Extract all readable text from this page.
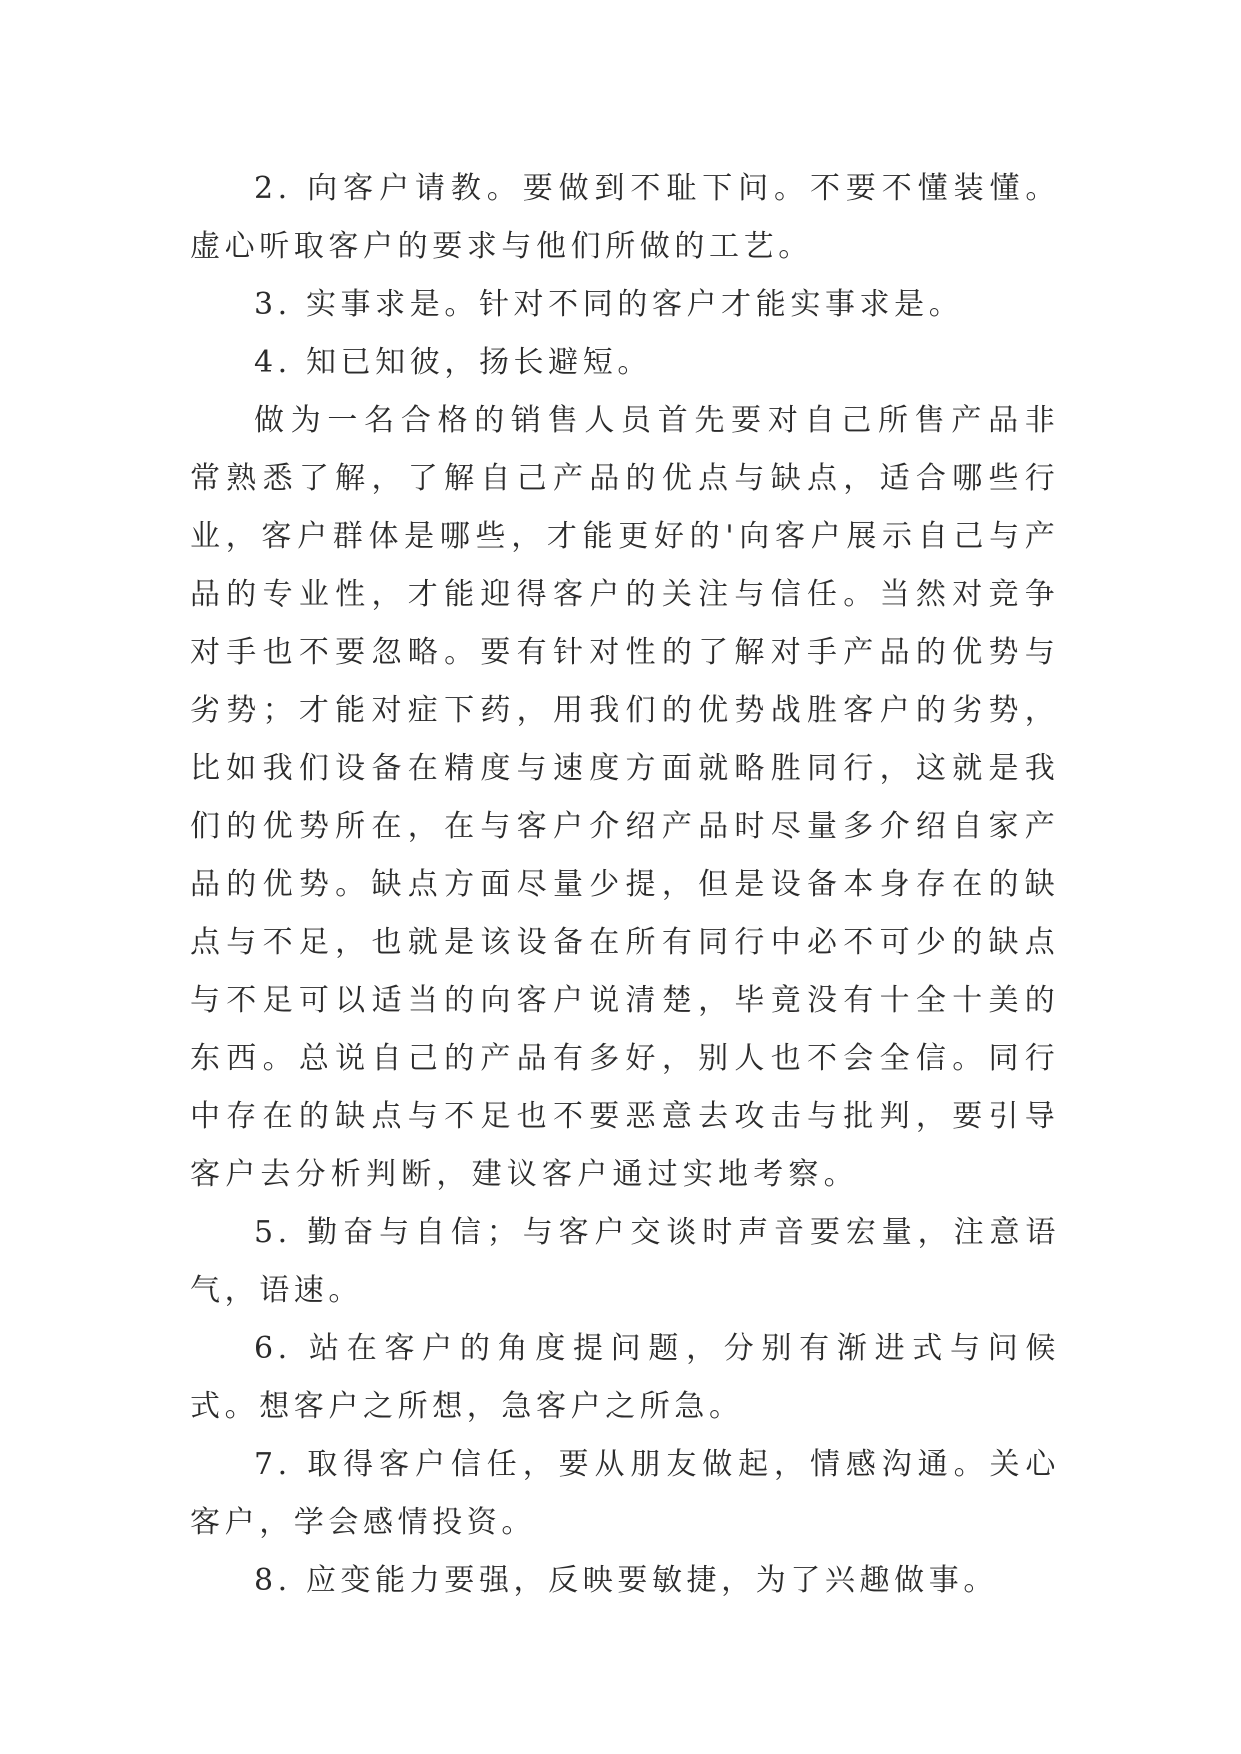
2. 向客户请教。要做到不耻下问。不要不懂装懂。虚心听取客户的要求与他们所做的工艺。

3. 实事求是。针对不同的客户才能实事求是。

4. 知已知彼，扬长避短。

做为一名合格的销售人员首先要对自己所售产品非常熟悉了解，了解自己产品的优点与缺点，适合哪些行业，客户群体是哪些，才能更好的'向客户展示自己与产品的专业性，才能迎得客户的关注与信任。当然对竞争对手也不要忽略。要有针对性的了解对手产品的优势与劣势；才能对症下药，用我们的优势战胜客户的劣势，比如我们设备在精度与速度方面就略胜同行，这就是我们的优势所在，在与客户介绍产品时尽量多介绍自家产品的优势。缺点方面尽量少提，但是设备本身存在的缺点与不足，也就是该设备在所有同行中必不可少的缺点与不足可以适当的向客户说清楚，毕竟没有十全十美的东西。总说自己的产品有多好，别人也不会全信。同行中存在的缺点与不足也不要恶意去攻击与批判，要引导客户去分析判断，建议客户通过实地考察。

5. 勤奋与自信；与客户交谈时声音要宏量，注意语气，语速。

6. 站在客户的角度提问题，分别有渐进式与问候式。想客户之所想，急客户之所急。

7. 取得客户信任，要从朋友做起，情感沟通。关心客户，学会感情投资。

8. 应变能力要强，反映要敏捷，为了兴趣做事。
